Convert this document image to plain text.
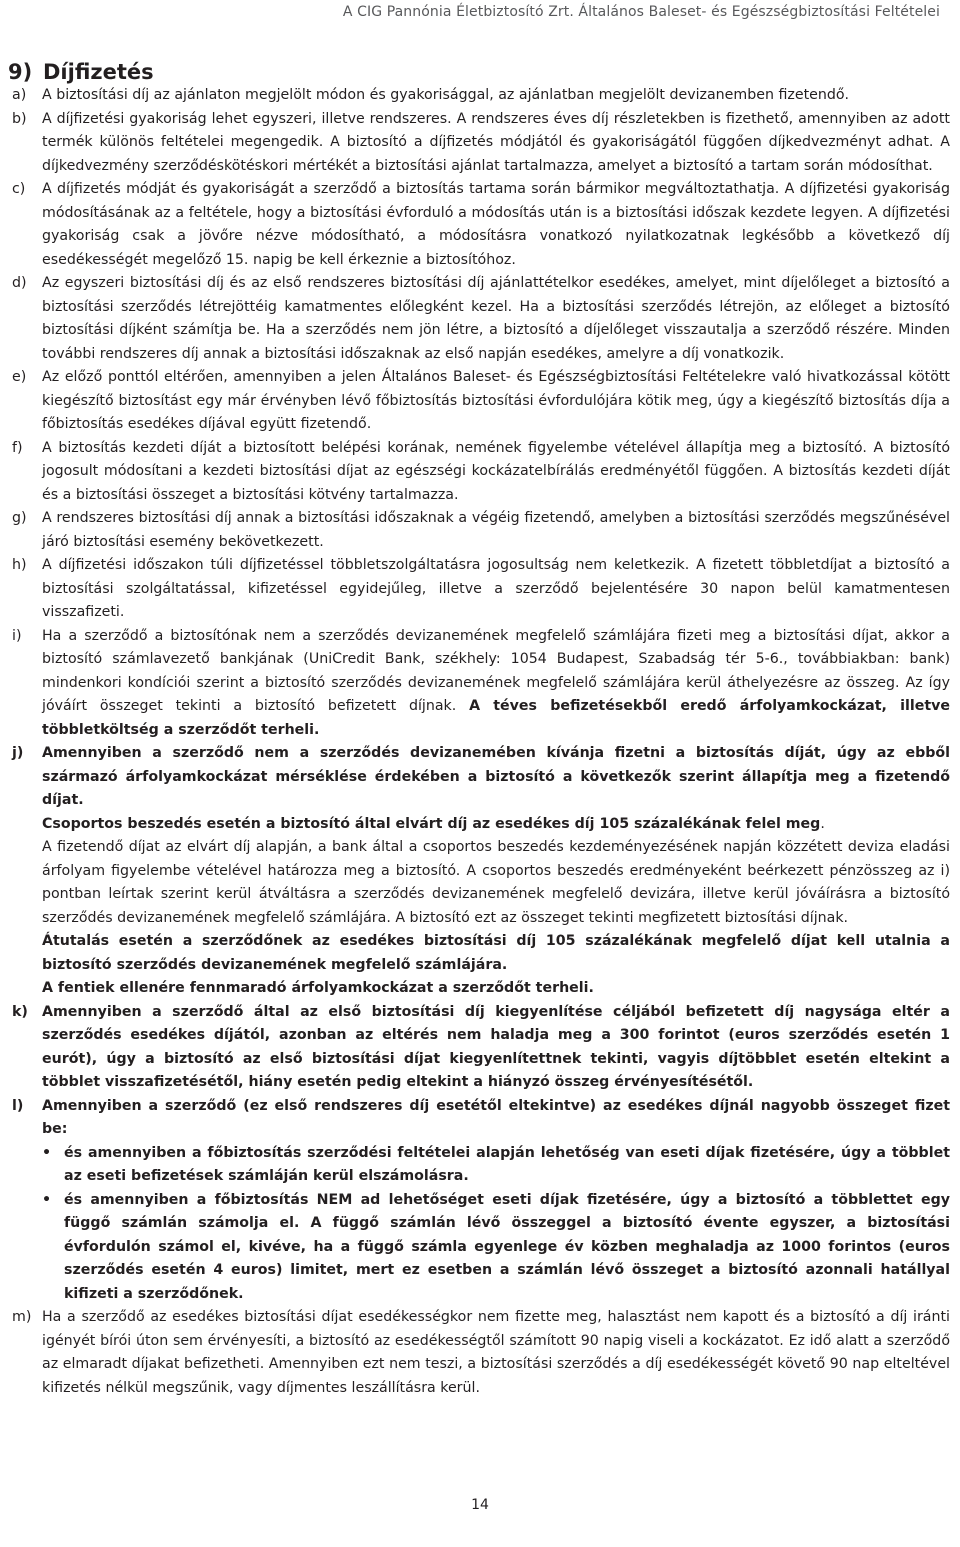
A CIG Pannónia Életbiztosító Zrt. Általános Baleset- és Egészségbiztosítási Feltételei
9) Díjfizetés
a)	A biztosítási díj az ajánlaton megjelölt módon és gyakorisággal, az ajánlatban megjelölt devizanemben fizetendő.

b)	A díjfizetési gyakoriság lehet egyszeri, illetve rendszeres. A rendszeres éves díj részletekben is fizethető, amennyiben az adott termék különös feltételei megengedik. A biztosító a díjfizetés módjától és gyakoriságától függően díjkedvezményt adhat. A díjkedvezmény szerződéskötéskori mértékét a biztosítási ajánlat tartalmazza, amelyet a biztosító a tartam során módosíthat.

c)	A díjfizetés módját és gyakoriságát a szerződő a biztosítás tartama során bármikor megváltoztathatja. A díjfizetési gyakoriság módosításának az a feltétele, hogy a biztosítási évforduló a módosítás után is a biztosítási időszak kezdete legyen. A díjfizetési gyakoriság csak a jövőre nézve módosítható, a módosításra vonatkozó nyilatkozatnak legkésőbb a következő díj esedékességét megelőző 15. napig be kell érkeznie a biztosítóhoz.

d)	Az egyszeri biztosítási díj és az első rendszeres biztosítási díj ajánlattételkor esedékes, amelyet, mint díjelőleget a biztosító a biztosítási szerződés létrejöttéig kamatmentes előlegként kezel. Ha a biztosítási szerződés létrejön, az előleget a biztosító biztosítási díjként számítja be. Ha a szerződés nem jön létre, a biztosító a díjelőleget visszautalja a szerződő részére. Minden további rendszeres díj annak a biztosítási időszaknak az első napján esedékes, amelyre a díj vonatkozik.

e)	Az előző ponttól eltérően, amennyiben a jelen Általános Baleset- és Egészségbiztosítási Feltételekre való hivatkozással kötött kiegészítő biztosítást egy már érvényben lévő főbiztosítás biztosítási évfordulójára kötik meg, úgy a kiegészítő biztosítás díja a főbiztosítás esedékes díjával együtt fizetendő.

f)	A biztosítás kezdeti díját a biztosított belépési korának, nemének figyelembe vételével állapítja meg a biztosító. A biztosító jogosult módosítani a kezdeti biztosítási díjat az egészségi kockázatelbírálás eredményétől függően. A biztosítás kezdeti díját és a biztosítási összeget a biztosítási kötvény tartalmazza.

g)	A rendszeres biztosítási díj annak a biztosítási időszaknak a végéig fizetendő, amelyben a biztosítási szerződés megszűnésével járó biztosítási esemény bekövetkezett.

h)	A díjfizetési időszakon túli díjfizetéssel többletszolgáltatásra jogosultság nem keletkezik. A fizetett többletdíjat a biztosító a biztosítási szolgáltatással, kifizetéssel egyidejűleg, illetve a szerződő bejelentésére 30 napon belül kamatmentesen visszafizeti.

i)	Ha a szerződő a biztosítónak nem a szerződés devizanemének megfelelő számlájára fizeti meg a biztosítási díjat, akkor a biztosító számlavezető bankjának (UniCredit Bank, székhely: 1054 Budapest, Szabadság tér 5-6., továbbiakban: bank) mindenkori kondíciói szerint a biztosító szerződés devizanemének megfelelő számlájára kerül áthelyezésre az összeg. Az így jóváírt összeget tekinti a biztosító befizetett díjnak. A téves befizetésekből eredő árfolyamkockázat, illetve többletköltség a szerződőt terheli.

j)	Amennyiben a szerződő nem a szerződés devizanemében kívánja fizetni a biztosítás díját, úgy az ebből származó árfolyamkockázat mérséklése érdekében a biztosító a következők szerint állapítja meg a fizetendő díjat.

Csoportos beszedés esetén a biztosító által elvárt díj az esedékes díj 105 százalékának felel meg.

A fizetendő díjat az elvárt díj alapján, a bank által a csoportos beszedés kezdeményezésének napján közzétett deviza eladási árfolyam figyelembe vételével határozza meg a biztosító. A csoportos beszedés eredményeként beérkezett pénzösszeg az i) pontban leírtak szerint kerül átváltásra a szerződés devizanemének megfelelő devizára, illetve kerül jóváírásra a biztosító szerződés devizanemének megfelelő számlájára. A biztosító ezt az összeget tekinti megfizetett biztosítási díjnak.

Átutalás esetén a szerződőnek az esedékes biztosítási díj 105 százalékának megfelelő díjat kell utalnia a biztosító szerződés devizanemének megfelelő számlájára.

A fentiek ellenére fennmaradó árfolyamkockázat a szerződőt terheli.

k) Amennyiben a szerződő által az első biztosítási díj kiegyenlítése céljából befizetett díj nagysága eltér a szerződés esedékes díjától, azonban az eltérés nem haladja meg a 300 forintot (euros szerződés esetén 1 eurót), úgy a biztosító az első biztosítási díjat kiegyenlítettnek tekinti, vagyis díjtöbblet esetén eltekint a többlet visszafizetésétől, hiány esetén pedig eltekint a hiányzó összeg érvényesítésétől.

l)	Amennyiben a szerződő (ez első rendszeres díj esetétől eltekintve) az esedékes díjnál nagyobb összeget fizet be:

• és amennyiben a főbiztosítás szerződési feltételei alapján lehetőség van eseti díjak fizetésére, úgy a többlet az eseti befizetések számláján kerül elszámolásra.
• és amennyiben a főbiztosítás NEM ad lehetőséget eseti díjak fizetésére, úgy a biztosító a többlettet egy függő számlán számolja el. A függő számlán lévő összeggel a biztosító évente egyszer, a biztosítási évfordulón számol el, kivéve, ha a függő számla egyenlege év közben meghaladja az 1000 forintos (euros szerződés esetén 4 euros) limitet, mert ez esetben a számlán lévő összeget a biztosító azonnali hatállyal kifizeti a szerződőnek.
m) Ha a szerződő az esedékes biztosítási díjat esedékességkor nem fizette meg, halasztást nem kapott és a biztosító a díj iránti igényét bírói úton sem érvényesíti, a biztosító az esedékességtől számított 90 napig viseli a kockázatot. Ez idő alatt a szerződő az elmaradt díjakat befizetheti. Amennyiben ezt nem teszi, a biztosítási szerződés a díj esedékességét követő 90 nap elteltével kifizetés nélkül megszűnik, vagy díjmentes leszállításra kerül.

14
